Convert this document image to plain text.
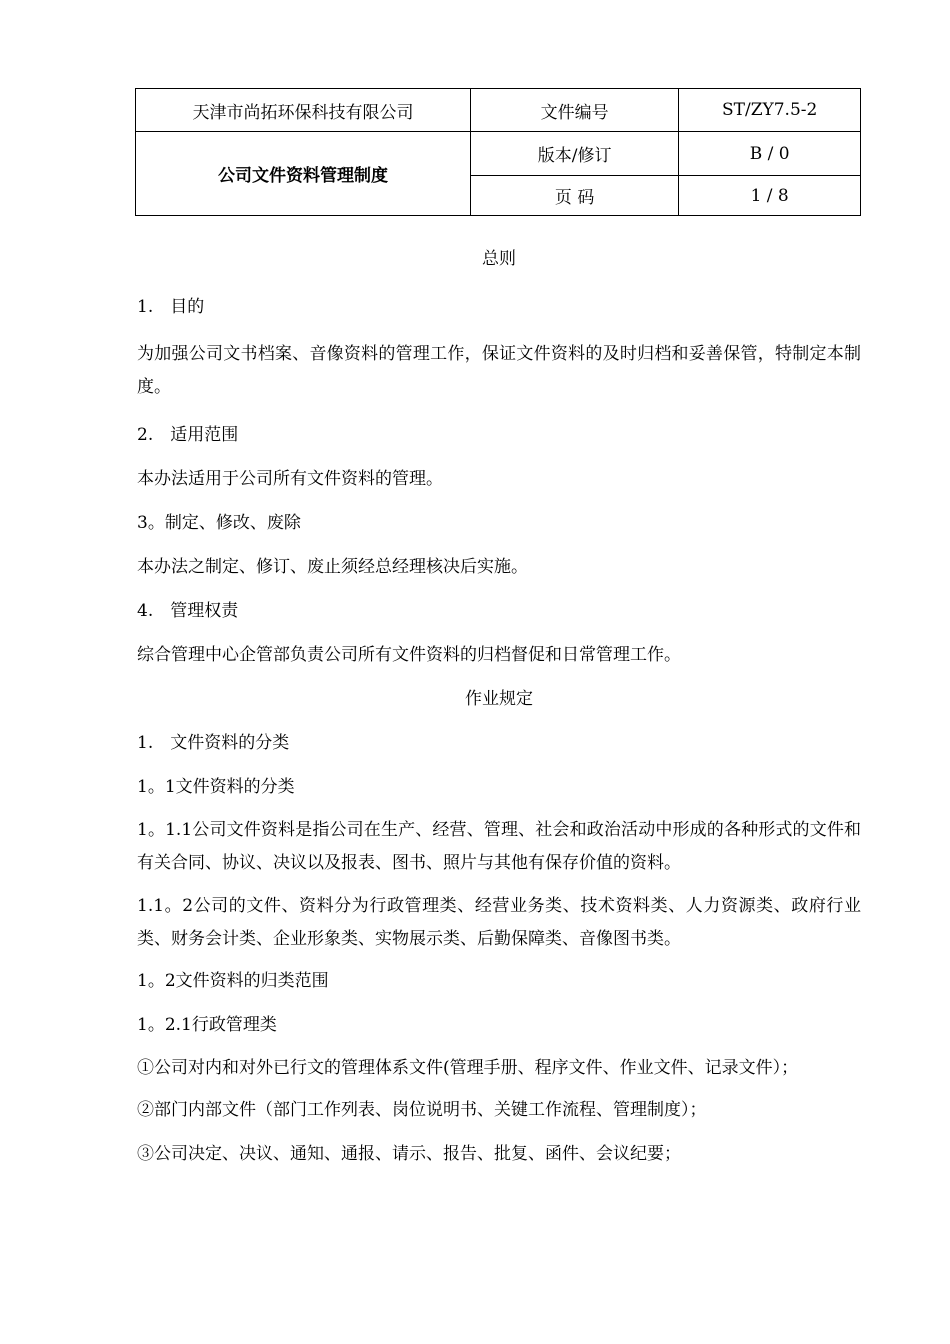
天津市尚拓环保科技有限公司	文件编号	ST/ZY7.5-2
公司文件资料管理制度	版本/修订	B / 0
	页 码	1 / 8
总则
1.　目的
为加强公司文书档案、音像资料的管理工作，保证文件资料的及时归档和妥善保管，特制定本制度。
2.　适用范围
本办法适用于公司所有文件资料的管理。
3。制定、修改、废除
本办法之制定、修订、废止须经总经理核决后实施。
4.　管理权责
综合管理中心企管部负责公司所有文件资料的归档督促和日常管理工作。
作业规定
1.　文件资料的分类
1。1文件资料的分类
1。1.1公司文件资料是指公司在生产、经营、管理、社会和政治活动中形成的各种形式的文件和有关合同、协议、决议以及报表、图书、照片与其他有保存价值的资料。
1.1。2公司的文件、资料分为行政管理类、经营业务类、技术资料类、人力资源类、政府行业类、财务会计类、企业形象类、实物展示类、后勤保障类、音像图书类。
1。2文件资料的归类范围
1。2.1行政管理类
①公司对内和对外已行文的管理体系文件(管理手册、程序文件、作业文件、记录文件）；
②部门内部文件（部门工作列表、岗位说明书、关键工作流程、管理制度）；
③公司决定、决议、通知、通报、请示、报告、批复、函件、会议纪要；
